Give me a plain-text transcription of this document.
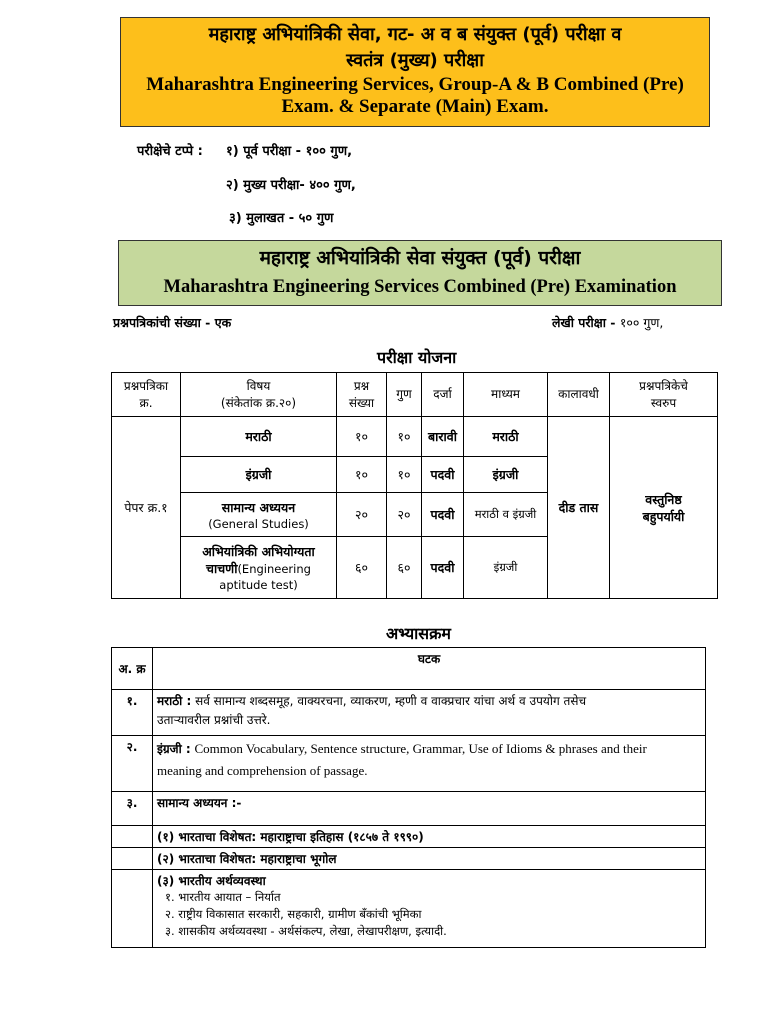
महाराष्ट्र अभियांत्रिकी सेवा, गट- अ व ब संयुक्त (पूर्व) परीक्षा व
स्वतंत्र (मुख्य) परीक्षा
Maharashtra Engineering Services, Group-A & B Combined (Pre)
Exam. & Separate (Main) Exam.
परीक्षेचे टप्पे : १) पूर्व परीक्षा - १०० गुण,
२) मुख्य परीक्षा- ४०० गुण,
३) मुलाखत - ५० गुण
महाराष्ट्र अभियांत्रिकी सेवा संयुक्त (पूर्व) परीक्षा
Maharashtra Engineering Services Combined (Pre) Examination
प्रश्नपत्रिकांची संख्या - एक	लेखी परीक्षा - १०० गुण,
परीक्षा योजना
प्रश्नपत्रिका
क्र.	विषय
(संकेतांक क्र.२०)	प्रश्न
संख्या	गुण	दर्जा	माध्यम	कालावधी	प्रश्नपत्रिकेचे
स्वरुप
पेपर क्र.१	मराठी	१०	१०	बारावी	मराठी	दीड तास	वस्तुनिष्ठ
बहुपर्यायी
	इंग्रजी	१०	१०	पदवी	इंग्रजी		
	सामान्य अध्ययन
(General Studies)	२०	२०	पदवी	मराठी व इंग्रजी		
	अभियांत्रिकी अभियोग्यता
चाचणी(Engineering
aptitude test)	६०	६०	पदवी	इंग्रजी		
अभ्यासक्रम
अ. क्र	घटक
१.	मराठी : सर्व सामान्य शब्दसमूह, वाक्यरचना, व्याकरण, म्हणी व वाक्प्रचार यांचा अर्थ व उपयोग तसेच
उताऱ्यावरील प्रश्नांची उत्तरे.
२.	इंग्रजी : Common Vocabulary, Sentence structure, Grammar, Use of Idioms & phrases and their
meaning and comprehension of passage.
३.	सामान्य अध्ययन :-
	(१) भारताचा विशेषत: महाराष्ट्राचा इतिहास (१८५७ ते १९९०)
	(२) भारताचा विशेषत: महाराष्ट्राचा भूगोल

	(३) भारतीय अर्थव्यवस्था
१. भारतीय आयात – निर्यात
२. राष्ट्रीय विकासात सरकारी, सहकारी, ग्रामीण बँकांची भूमिका
३. शासकीय अर्थव्यवस्था - अर्थसंकल्प, लेखा, लेखापरीक्षण, इत्यादी.
